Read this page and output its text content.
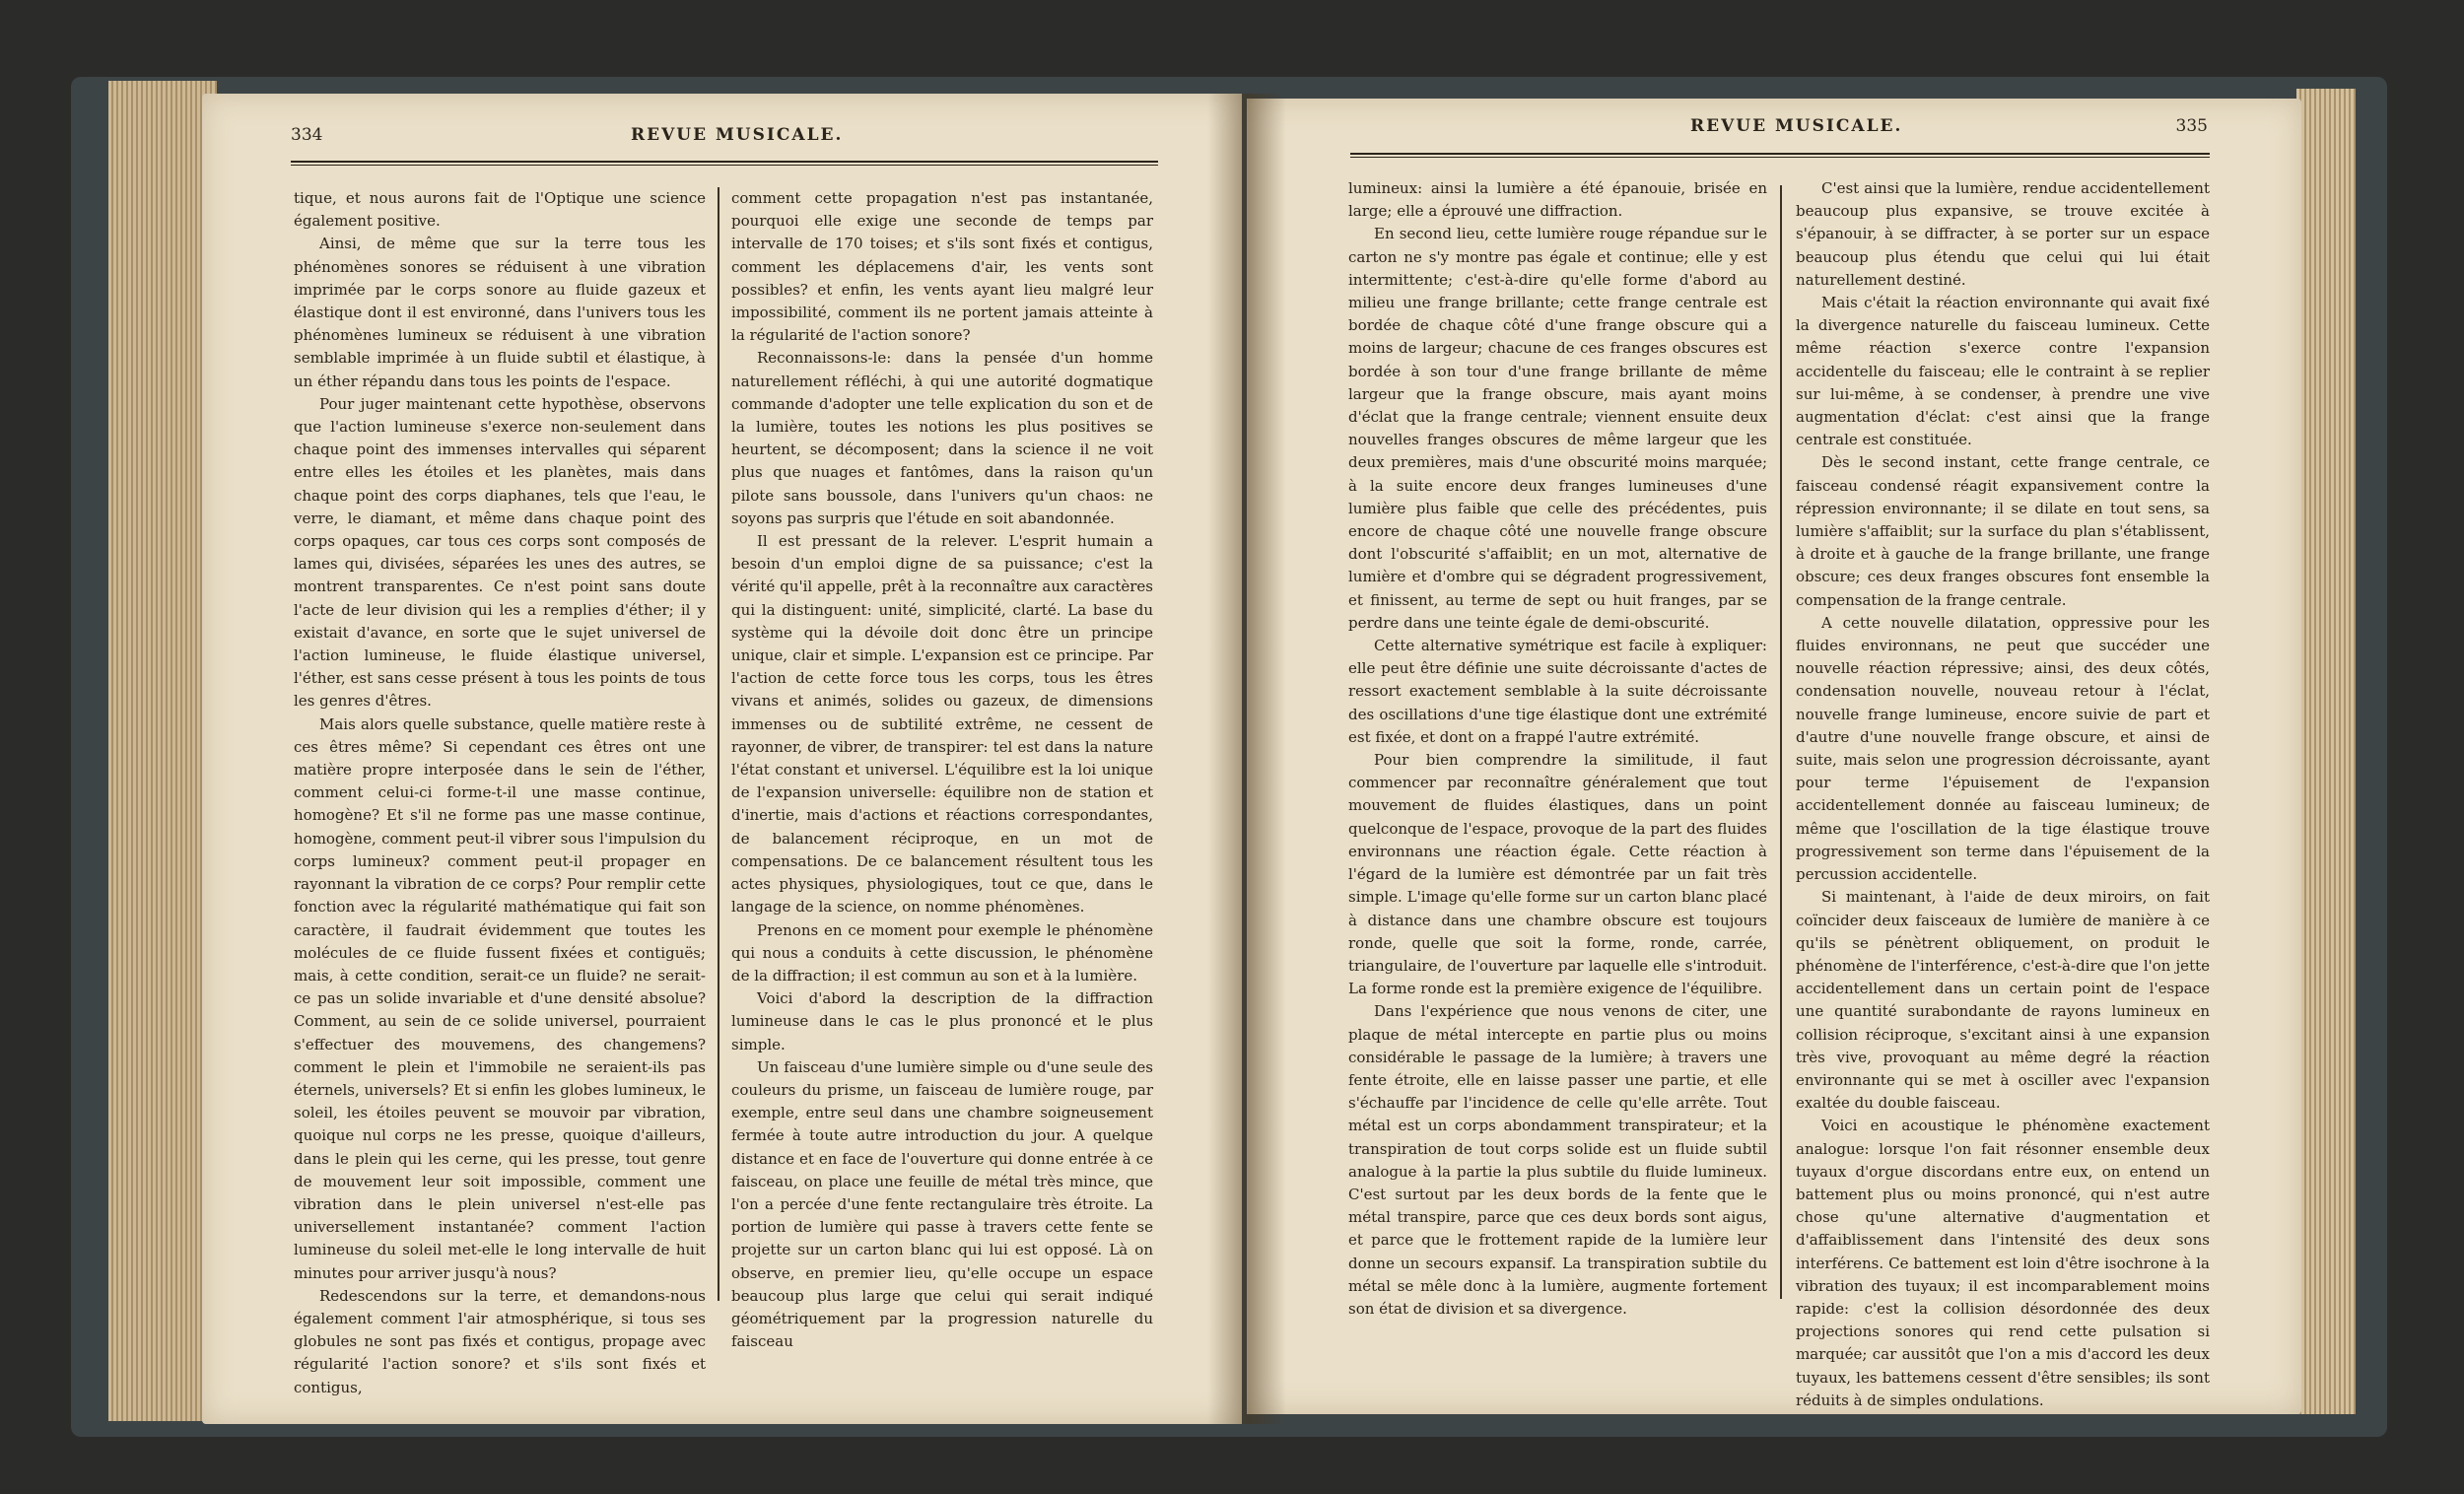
334	REVUE MUSICALE.	REVUE MUSICALE.	335

tique, et nous aurons fait de l'Optique une science également positive.

Ainsi, de même que sur la terre tous les phénomènes sonores se réduisent à une vibration imprimée par le corps sonore au fluide gazeux et élastique dont il est environné, dans l'univers tous les phénomènes lumineux se réduisent à une vibration semblable imprimée à un fluide subtil et élastique, à un éther répandu dans tous les points de l'espace.

Pour juger maintenant cette hypothèse, observons que l'action lumineuse s'exerce non-seulement dans chaque point des immenses intervalles qui séparent entre elles les étoiles et les planètes, mais dans chaque point des corps diaphanes, tels que l'eau, le verre, le diamant, et même dans chaque point des corps opaques, car tous ces corps sont composés de lames qui, divisées, séparées les unes des autres, se montrent transparentes. Ce n'est point sans doute l'acte de leur division qui les a remplies d'éther; il y existait d'avance, en sorte que le sujet universel de l'action lumineuse, le fluide élastique universel, l'éther, est sans cesse présent à tous les points de tous les genres d'êtres.

Mais alors quelle substance, quelle matière reste à ces êtres même? Si cependant ces êtres ont une matière propre interposée dans le sein de l'éther, comment celui-ci forme-t-il une masse continue, homogène? Et s'il ne forme pas une masse continue, homogène, comment peut-il vibrer sous l'impulsion du corps lumineux? comment peut-il propager en rayonnant la vibration de ce corps? Pour remplir cette fonction avec la régularité mathématique qui fait son caractère, il faudrait évidemment que toutes les molécules de ce fluide fussent fixées et contiguës; mais, à cette condition, serait-ce un fluide? ne serait-ce pas un solide invariable et d'une densité absolue? Comment, au sein de ce solide universel, pourraient s'effectuer des mouvemens, des changemens? comment le plein et l'immobile ne seraient-ils pas éternels, universels? Et si enfin les globes lumineux, le soleil, les étoiles peuvent se mouvoir par vibration, quoique nul corps ne les presse, quoique d'ailleurs, dans le plein qui les cerne, qui les presse, tout genre de mouvement leur soit impossible, comment une vibration dans le plein universel n'est-elle pas universellement instantanée? comment l'action lumineuse du soleil met-elle le long intervalle de huit minutes pour arriver jusqu'à nous?

Redescendons sur la terre, et demandons-nous également comment l'air atmosphérique, si tous ses globules ne sont pas fixés et contigus, propage avec régularité l'action sonore? et s'ils sont fixés et contigus,

comment cette propagation n'est pas instantanée, pourquoi elle exige une seconde de temps par intervalle de 170 toises; et s'ils sont fixés et contigus, comment les déplacemens d'air, les vents sont possibles? et enfin, les vents ayant lieu malgré leur impossibilité, comment ils ne portent jamais atteinte à la régularité de l'action sonore?

Reconnaissons-le: dans la pensée d'un homme naturellement réfléchi, à qui une autorité dogmatique commande d'adopter une telle explication du son et de la lumière, toutes les notions les plus positives se heurtent, se décomposent; dans la science il ne voit plus que nuages et fantômes, dans la raison qu'un pilote sans boussole, dans l'univers qu'un chaos: ne soyons pas surpris que l'étude en soit abandonnée.

Il est pressant de la relever. L'esprit humain a besoin d'un emploi digne de sa puissance; c'est la vérité qu'il appelle, prêt à la reconnaître aux caractères qui la distinguent: unité, simplicité, clarté. La base du système qui la dévoile doit donc être un principe unique, clair et simple. L'expansion est ce principe. Par l'action de cette force tous les corps, tous les êtres vivans et animés, solides ou gazeux, de dimensions immenses ou de subtilité extrême, ne cessent de rayonner, de vibrer, de transpirer: tel est dans la nature l'état constant et universel. L'équilibre est la loi unique de l'expansion universelle: équilibre non de station et d'inertie, mais d'actions et réactions correspondantes, de balancement réciproque, en un mot de compensations. De ce balancement résultent tous les actes physiques, physiologiques, tout ce que, dans le langage de la science, on nomme phénomènes.

Prenons en ce moment pour exemple le phénomène qui nous a conduits à cette discussion, le phénomène de la diffraction; il est commun au son et à la lumière.

Voici d'abord la description de la diffraction lumineuse dans le cas le plus prononcé et le plus simple.

Un faisceau d'une lumière simple ou d'une seule des couleurs du prisme, un faisceau de lumière rouge, par exemple, entre seul dans une chambre soigneusement fermée à toute autre introduction du jour. A quelque distance et en face de l'ouverture qui donne entrée à ce faisceau, on place une feuille de métal très mince, que l'on a percée d'une fente rectangulaire très étroite. La portion de lumière qui passe à travers cette fente se projette sur un carton blanc qui lui est opposé. Là on observe, en premier lieu, qu'elle occupe un espace beaucoup plus large que celui qui serait indiqué géométriquement par la progression naturelle du faisceau

lumineux: ainsi la lumière a été épanouie, brisée en large; elle a éprouvé une diffraction.

En second lieu, cette lumière rouge répandue sur le carton ne s'y montre pas égale et continue; elle y est intermittente; c'est-à-dire qu'elle forme d'abord au milieu une frange brillante; cette frange centrale est bordée de chaque côté d'une frange obscure qui a moins de largeur; chacune de ces franges obscures est bordée à son tour d'une frange brillante de même largeur que la frange obscure, mais ayant moins d'éclat que la frange centrale; viennent ensuite deux nouvelles franges obscures de même largeur que les deux premières, mais d'une obscurité moins marquée; à la suite encore deux franges lumineuses d'une lumière plus faible que celle des précédentes, puis encore de chaque côté une nouvelle frange obscure dont l'obscurité s'affaiblit; en un mot, alternative de lumière et d'ombre qui se dégradent progressivement, et finissent, au terme de sept ou huit franges, par se perdre dans une teinte égale de demi-obscurité.

Cette alternative symétrique est facile à expliquer: elle peut être définie une suite décroissante d'actes de ressort exactement semblable à la suite décroissante des oscillations d'une tige élastique dont une extrémité est fixée, et dont on a frappé l'autre extrémité.

Pour bien comprendre la similitude, il faut commencer par reconnaître généralement que tout mouvement de fluides élastiques, dans un point quelconque de l'espace, provoque de la part des fluides environnans une réaction égale. Cette réaction à l'égard de la lumière est démontrée par un fait très simple. L'image qu'elle forme sur un carton blanc placé à distance dans une chambre obscure est toujours ronde, quelle que soit la forme, ronde, carrée, triangulaire, de l'ouverture par laquelle elle s'introduit. La forme ronde est la première exigence de l'équilibre.

Dans l'expérience que nous venons de citer, une plaque de métal intercepte en partie plus ou moins considérable le passage de la lumière; à travers une fente étroite, elle en laisse passer une partie, et elle s'échauffe par l'incidence de celle qu'elle arrête. Tout métal est un corps abondamment transpirateur; et la transpiration de tout corps solide est un fluide subtil analogue à la partie la plus subtile du fluide lumineux. C'est surtout par les deux bords de la fente que le métal transpire, parce que ces deux bords sont aigus, et parce que le frottement rapide de la lumière leur donne un secours expansif. La transpiration subtile du métal se mêle donc à la lumière, augmente fortement son état de division et sa divergence.

C'est ainsi que la lumière, rendue accidentellement beaucoup plus expansive, se trouve excitée à s'épanouir, à se diffracter, à se porter sur un espace beaucoup plus étendu que celui qui lui était naturellement destiné.

Mais c'était la réaction environnante qui avait fixé la divergence naturelle du faisceau lumineux. Cette même réaction s'exerce contre l'expansion accidentelle du faisceau; elle le contraint à se replier sur lui-même, à se condenser, à prendre une vive augmentation d'éclat: c'est ainsi que la frange centrale est constituée.

Dès le second instant, cette frange centrale, ce faisceau condensé réagit expansivement contre la répression environnante; il se dilate en tout sens, sa lumière s'affaiblit; sur la surface du plan s'établissent, à droite et à gauche de la frange brillante, une frange obscure; ces deux franges obscures font ensemble la compensation de la frange centrale.

A cette nouvelle dilatation, oppressive pour les fluides environnans, ne peut que succéder une nouvelle réaction répressive; ainsi, des deux côtés, condensation nouvelle, nouveau retour à l'éclat, nouvelle frange lumineuse, encore suivie de part et d'autre d'une nouvelle frange obscure, et ainsi de suite, mais selon une progression décroissante, ayant pour terme l'épuisement de l'expansion accidentellement donnée au faisceau lumineux; de même que l'oscillation de la tige élastique trouve progressivement son terme dans l'épuisement de la percussion accidentelle.

Si maintenant, à l'aide de deux miroirs, on fait coïncider deux faisceaux de lumière de manière à ce qu'ils se pénètrent obliquement, on produit le phénomène de l'interférence, c'est-à-dire que l'on jette accidentellement dans un certain point de l'espace une quantité surabondante de rayons lumineux en collision réciproque, s'excitant ainsi à une expansion très vive, provoquant au même degré la réaction environnante qui se met à osciller avec l'expansion exaltée du double faisceau.

Voici en acoustique le phénomène exactement analogue: lorsque l'on fait résonner ensemble deux tuyaux d'orgue discordans entre eux, on entend un battement plus ou moins prononcé, qui n'est autre chose qu'une alternative d'augmentation et d'affaiblissement dans l'intensité des deux sons interférens. Ce battement est loin d'être isochrone à la vibration des tuyaux; il est incomparablement moins rapide: c'est la collision désordonnée des deux projections sonores qui rend cette pulsation si marquée; car aussitôt que l'on a mis d'accord les deux tuyaux, les battemens cessent d'être sensibles; ils sont réduits à de simples ondulations.
